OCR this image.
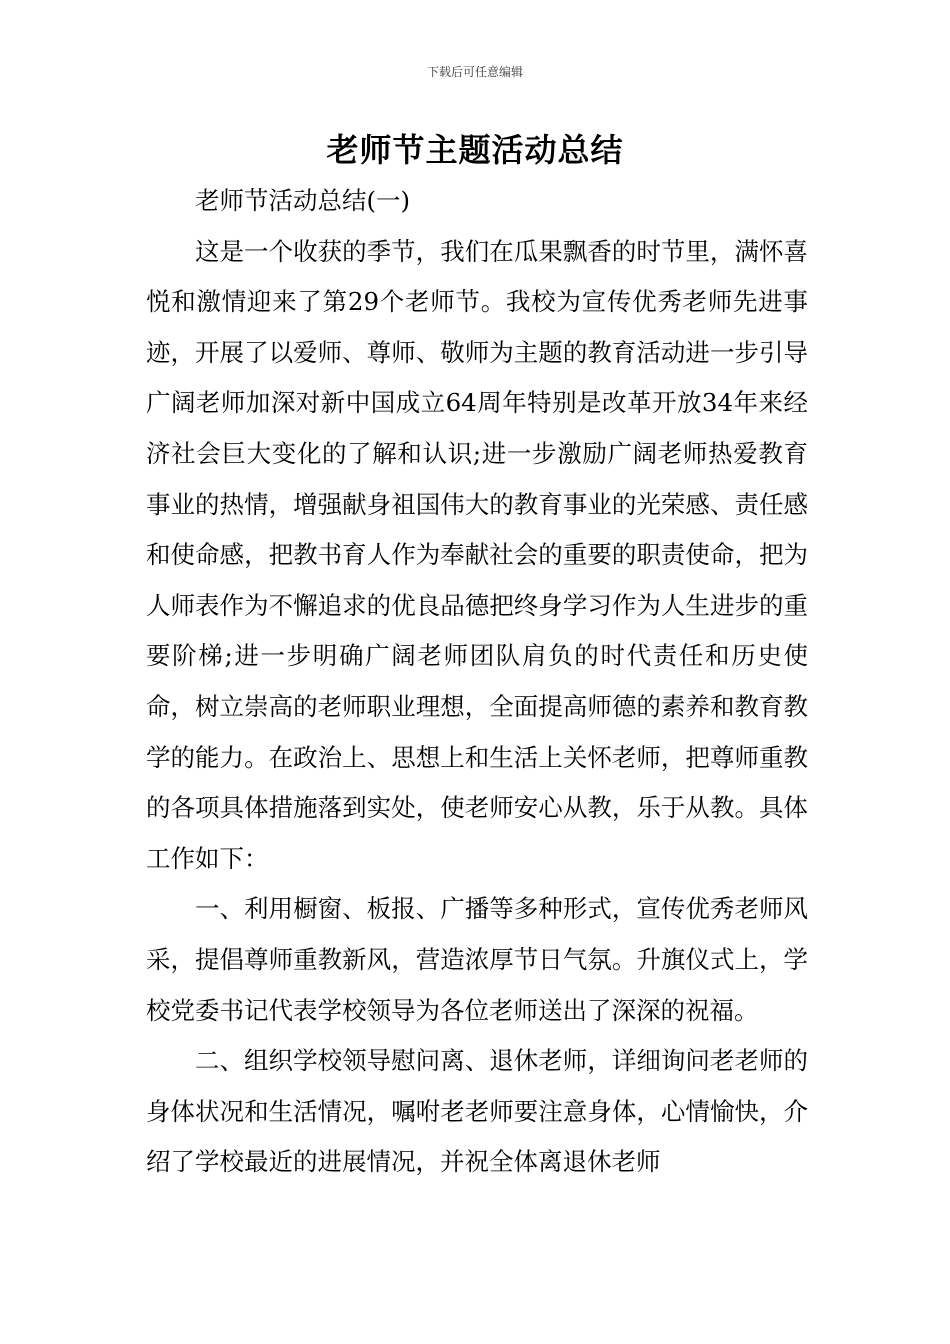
下载后可任意编辑
老师节主题活动总结

老师节活动总结(一)

这是一个收获的季节，我们在瓜果飘香的时节里，满怀喜悦和激情迎来了第29个老师节。我校为宣传优秀老师先进事迹，开展了以爱师、尊师、敬师为主题的教育活动进一步引导广阔老师加深对新中国成立64周年特别是改革开放34年来经济社会巨大变化的了解和认识;进一步激励广阔老师热爱教育事业的热情，增强献身祖国伟大的教育事业的光荣感、责任感和使命感，把教书育人作为奉献社会的重要的职责使命，把为人师表作为不懈追求的优良品德把终身学习作为人生进步的重要阶梯;进一步明确广阔老师团队肩负的时代责任和历史使命，树立崇高的老师职业理想，全面提高师德的素养和教育教学的能力。在政治上、思想上和生活上关怀老师，把尊师重教的各项具体措施落到实处，使老师安心从教，乐于从教。具体工作如下：

一、利用橱窗、板报、广播等多种形式，宣传优秀老师风采，提倡尊师重教新风，营造浓厚节日气氛。升旗仪式上，学校党委书记代表学校领导为各位老师送出了深深的祝福。

二、组织学校领导慰问离、退休老师，详细询问老老师的身体状况和生活情况，嘱咐老老师要注意身体，心情愉快，介绍了学校最近的进展情况，并祝全体离退休老师
